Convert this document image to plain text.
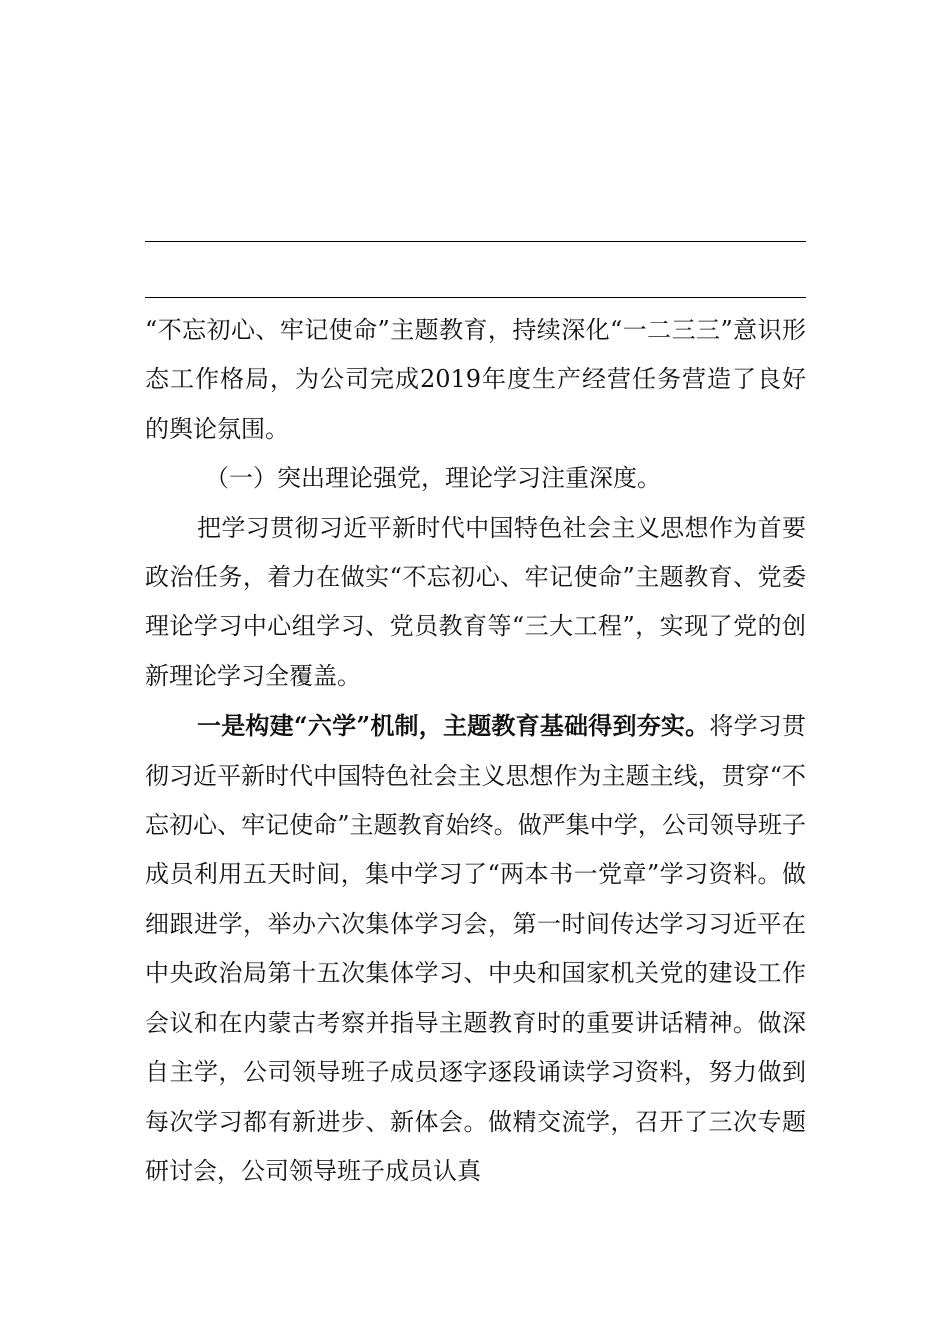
“不忘初心、牢记使命”主题教育，持续深化“一二三三”意识形态工作格局，为公司完成2019年度生产经营任务营造了良好的舆论氛围。

（一）突出理论强党，理论学习注重深度。

把学习贯彻习近平新时代中国特色社会主义思想作为首要政治任务，着力在做实“不忘初心、牢记使命”主题教育、党委理论学习中心组学习、党员教育等“三大工程”，实现了党的创新理论学习全覆盖。

一是构建“六学”机制，主题教育基础得到夯实。将学习贯彻习近平新时代中国特色社会主义思想作为主题主线，贯穿“不忘初心、牢记使命”主题教育始终。做严集中学，公司领导班子成员利用五天时间，集中学习了“两本书一党章”学习资料。做细跟进学，举办六次集体学习会，第一时间传达学习习近平在中央政治局第十五次集体学习、中央和国家机关党的建设工作会议和在内蒙古考察并指导主题教育时的重要讲话精神。做深自主学，公司领导班子成员逐字逐段诵读学习资料，努力做到每次学习都有新进步、新体会。做精交流学，召开了三次专题研讨会，公司领导班子成员认真
